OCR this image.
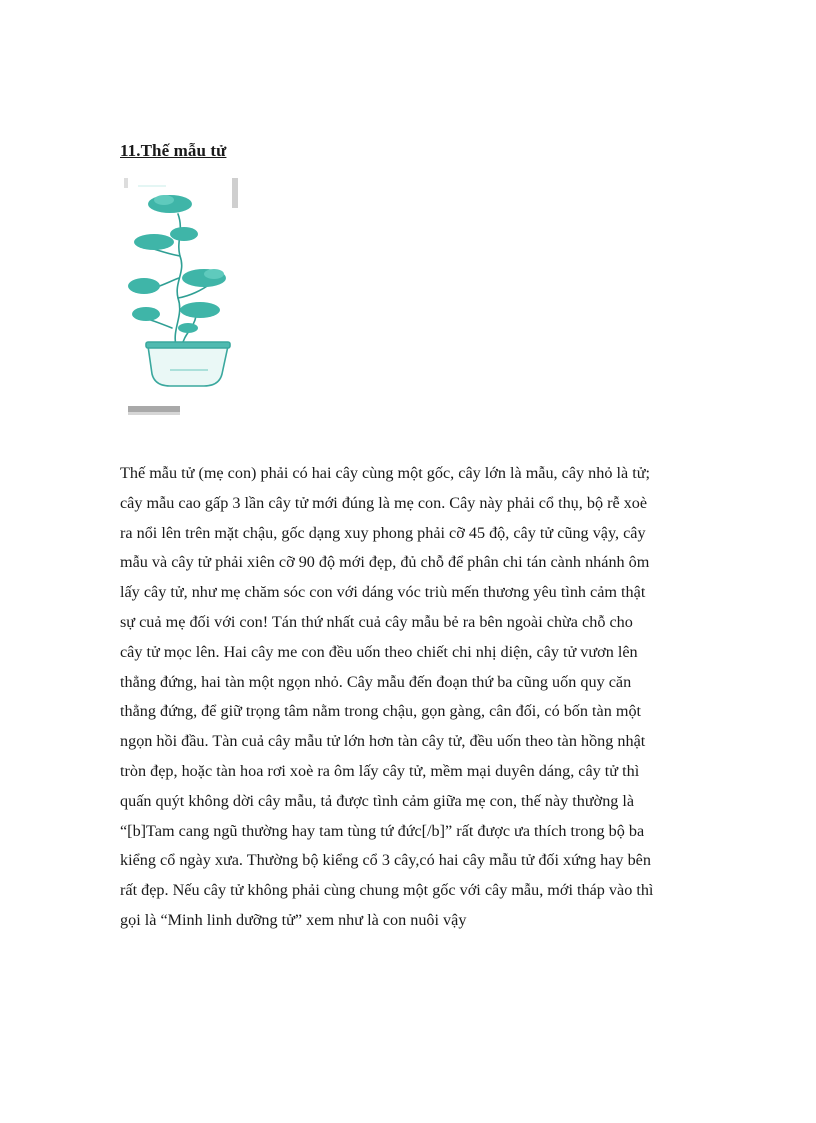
11.Thế mẫu tử
Thế mẫu tử (mẹ con) phải có hai cây cùng một gốc, cây lớn là mẫu, cây nhỏ là tử;
cây mẫu cao gấp 3 lần cây tử mới đúng là mẹ con. Cây này phải cổ thụ, bộ rễ xoè
ra nổi lên trên mặt chậu, gốc dạng xuy phong phải cỡ 45 độ, cây tử cũng vậy, cây
mẫu và cây tử phải xiên cỡ 90 độ mới đẹp, đủ chỗ để phân chi tán cành nhánh ôm
lấy cây tử, như mẹ chăm sóc con với dáng vóc triù mến thương yêu tình cảm thật
sự cuả mẹ đối với con! Tán thứ nhất cuả cây mẫu bẻ ra bên ngoài chừa chỗ cho
cây tử mọc lên. Hai cây me con đều uốn theo chiết chi nhị diện, cây tử vươn lên
thẳng đứng, hai tàn một ngọn nhỏ. Cây mẫu đến đoạn thứ ba cũng uốn quy căn
thẳng đứng, để giữ trọng tâm nằm trong chậu, gọn gàng, cân đối, có bốn tàn một
ngọn hồi đầu. Tàn cuả cây mẫu tử lớn hơn tàn cây tử, đều uốn theo tàn hồng nhật
tròn đẹp, hoặc tàn hoa rơi xoè ra ôm lấy cây tử, mềm mại duyên dáng, cây tử thì
quấn quýt không dời cây mẫu, tả được tình cảm giữa mẹ con, thế này thường là
“[b]Tam cang ngũ thường hay tam tùng tứ đức[/b]” rất được ưa thích trong bộ ba
kiểng cổ ngày xưa. Thường bộ kiểng cổ 3 cây,có hai cây mẫu tử đối xứng hay bên
rất đẹp. Nếu cây tử không phải cùng chung một gốc với cây mẫu, mới tháp vào thì
gọi là “Minh linh dưỡng tử” xem như là con nuôi vậy
